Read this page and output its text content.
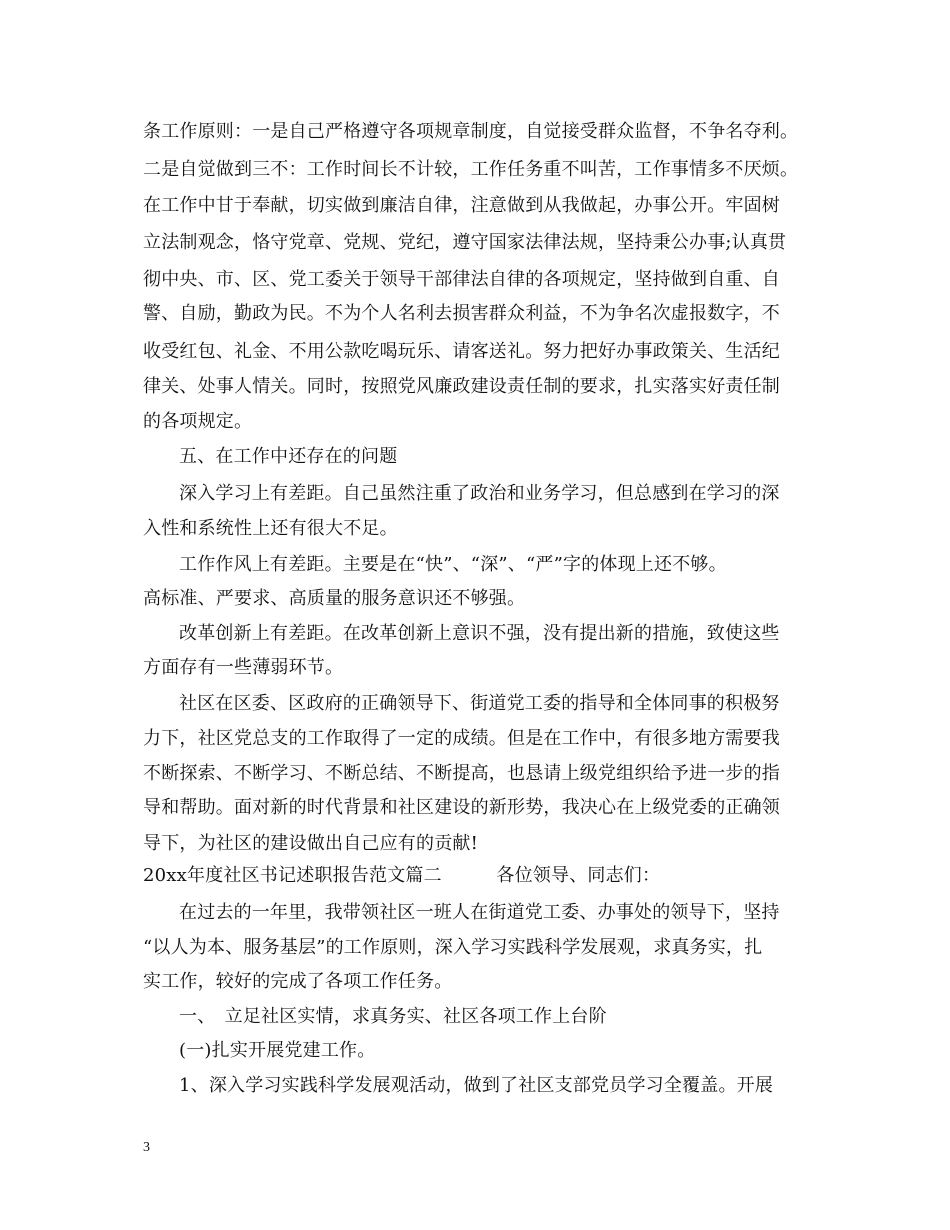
条工作原则：一是自己严格遵守各项规章制度，自觉接受群众监督，不争名夺利。
二是自觉做到三不：工作时间长不计较，工作任务重不叫苦，工作事情多不厌烦。
在工作中甘于奉献，切实做到廉洁自律，注意做到从我做起，办事公开。牢固树
立法制观念，恪守党章、党规、党纪，遵守国家法律法规，坚持秉公办事;认真贯
彻中央、市、区、党工委关于领导干部律法自律的各项规定，坚持做到自重、自
警、自励，勤政为民。不为个人名利去损害群众利益，不为争名次虚报数字，不
收受红包、礼金、不用公款吃喝玩乐、请客送礼。努力把好办事政策关、生活纪
律关、处事人情关。同时，按照党风廉政建设责任制的要求，扎实落实好责任制
的各项规定。
五、在工作中还存在的问题
深入学习上有差距。自己虽然注重了政治和业务学习，但总感到在学习的深
入性和系统性上还有很大不足。
工作作风上有差距。主要是在“快”、“深”、“严”字的体现上还不够。
高标准、严要求、高质量的服务意识还不够强。
改革创新上有差距。在改革创新上意识不强，没有提出新的措施，致使这些
方面存有一些薄弱环节。
社区在区委、区政府的正确领导下、街道党工委的指导和全体同事的积极努
力下，社区党总支的工作取得了一定的成绩。但是在工作中，有很多地方需要我
不断探索、不断学习、不断总结、不断提高，也恳请上级党组织给予进一步的指
导和帮助。面对新的时代背景和社区建设的新形势，我决心在上级党委的正确领
导下，为社区的建设做出自己应有的贡献!
20xx年度社区书记述职报告范文篇二　　　各位领导、同志们：
在过去的一年里，我带领社区一班人在街道党工委、办事处的领导下，坚持
“以人为本、服务基层”的工作原则，深入学习实践科学发展观，求真务实，扎
实工作，较好的完成了各项工作任务。
一、　立足社区实情，求真务实、社区各项工作上台阶
(一)扎实开展党建工作。
1、深入学习实践科学发展观活动，做到了社区支部党员学习全覆盖。开展
3
